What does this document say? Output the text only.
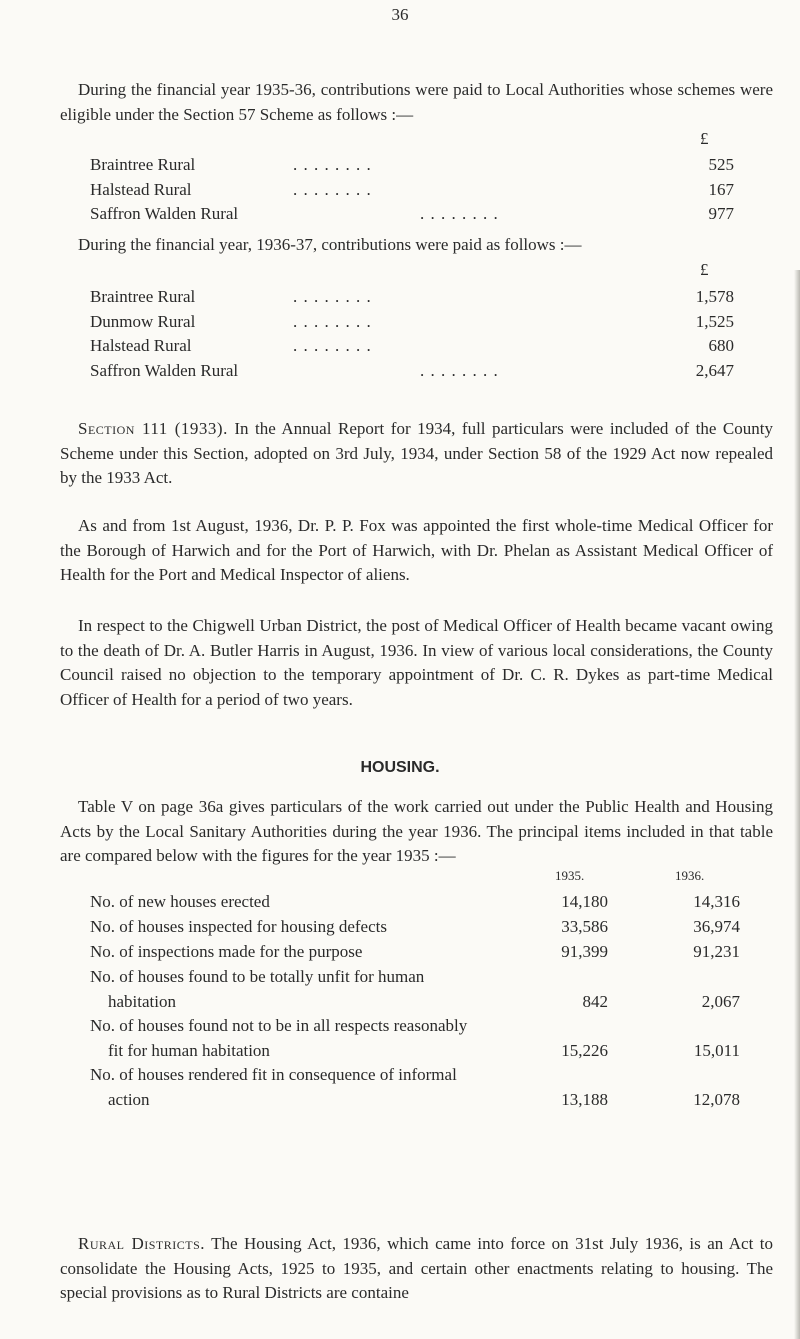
36

During the financial year 1935-36, contributions were paid to Local Authorities whose schemes were eligible under the Section 57 Scheme as follows :—

£
Braintree Rural	. . . . . . . .	525
Halstead Rural	. . . . . . . .	167
Saffron Walden Rural	. . . . . . . .	977

During the financial year, 1936-37, contributions were paid as follows :—

£
Braintree Rural	. . . . . . . .	1,578
Dunmow Rural	. . . . . . . .	1,525
Halstead Rural	. . . . . . . .	680
Saffron Walden Rural	. . . . . . . .	2,647

Section 111 (1933). In the Annual Report for 1934, full particulars were included of the County Scheme under this Section, adopted on 3rd July, 1934, under Section 58 of the 1929 Act now repealed by the 1933 Act.

As and from 1st August, 1936, Dr. P. P. Fox was appointed the first whole-time Medical Officer for the Borough of Harwich and for the Port of Harwich, with Dr. Phelan as Assistant Medical Officer of Health for the Port and Medical Inspector of aliens.

In respect to the Chigwell Urban District, the post of Medical Officer of Health became vacant owing to the death of Dr. A. Butler Harris in August, 1936. In view of various local considerations, the County Council raised no objection to the temporary appointment of Dr. C. R. Dykes as part-time Medical Officer of Health for a period of two years.

HOUSING.

Table V on page 36a gives particulars of the work carried out under the Public Health and Housing Acts by the Local Sanitary Authorities during the year 1936. The principal items included in that table are compared below with the figures for the year 1935 :—

1935.	1936.
No. of new houses erected	14,180	14,316
No. of houses inspected for housing defects	33,586	36,974
No. of inspections made for the purpose	91,399	91,231
No. of houses found to be totally unfit for human habitation	842	2,067
No. of houses found not to be in all respects reasonably fit for human habitation	15,226	15,011
No. of houses rendered fit in consequence of informal action	13,188	12,078

Rural Districts. The Housing Act, 1936, which came into force on 31st July 1936, is an Act to consolidate the Housing Acts, 1925 to 1935, and certain other enactments relating to housing. The special provisions as to Rural Districts are containe
